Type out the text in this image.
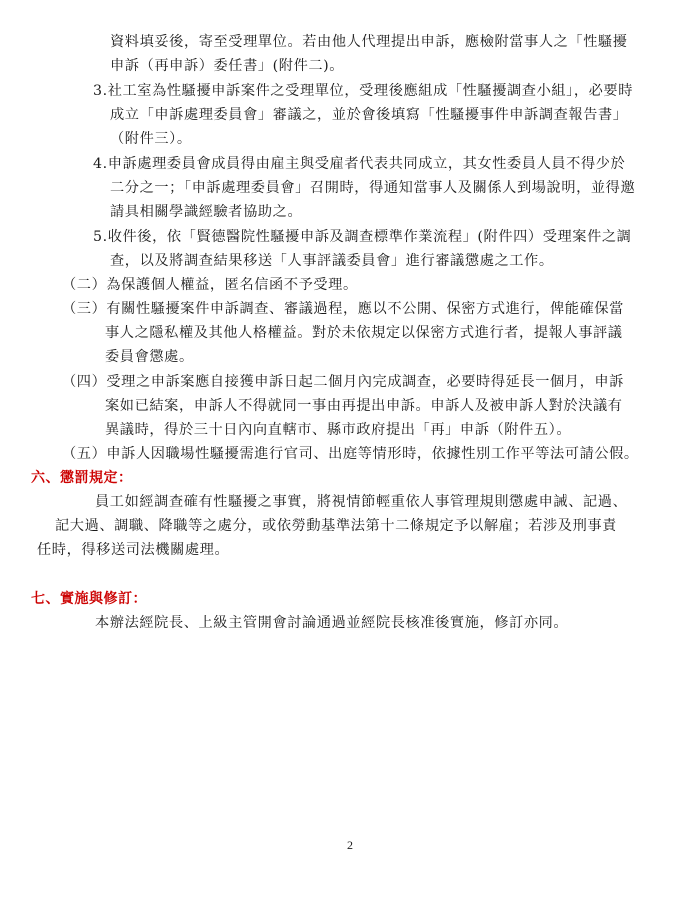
資料填妥後，寄至受理單位。若由他人代理提出申訴，應檢附當事人之「性騷擾
申訴（再申訴）委任書」(附件二)。
3.社工室為性騷擾申訴案件之受理單位，受理後應組成「性騷擾調查小組」，必要時
成立「申訴處理委員會」審議之，並於會後填寫「性騷擾事件申訴調查報告書」
（附件三）。
4.申訴處理委員會成員得由雇主與受雇者代表共同成立，其女性委員人員不得少於
二分之一；「申訴處理委員會」召開時，得通知當事人及關係人到場說明，並得邀
請具相關學識經驗者協助之。
5.收件後，依「賢德醫院性騷擾申訴及調查標準作業流程」(附件四）受理案件之調
查，以及將調查結果移送「人事評議委員會」進行審議懲處之工作。
（二）為保護個人權益，匿名信函不予受理。
（三）有關性騷擾案件申訴調查、審議過程，應以不公開、保密方式進行，俾能確保當
事人之隱私權及其他人格權益。對於未依規定以保密方式進行者，提報人事評議
委員會懲處。
（四）受理之申訴案應自接獲申訴日起二個月內完成調查，必要時得延長一個月，申訴
案如已結案，申訴人不得就同一事由再提出申訴。申訴人及被申訴人對於決議有
異議時，得於三十日內向直轄市、縣市政府提出「再」申訴（附件五）。
（五）申訴人因職場性騷擾需進行官司、出庭等情形時，依據性別工作平等法可請公假。
六、懲罰規定：
員工如經調查確有性騷擾之事實，將視情節輕重依人事管理規則懲處申誡、記過、
記大過、調職、降職等之處分，或依勞動基準法第十二條規定予以解雇；若涉及刑事責
任時，得移送司法機關處理。
七、實施與修訂：
本辦法經院長、上級主管開會討論通過並經院長核准後實施，修訂亦同。
2
